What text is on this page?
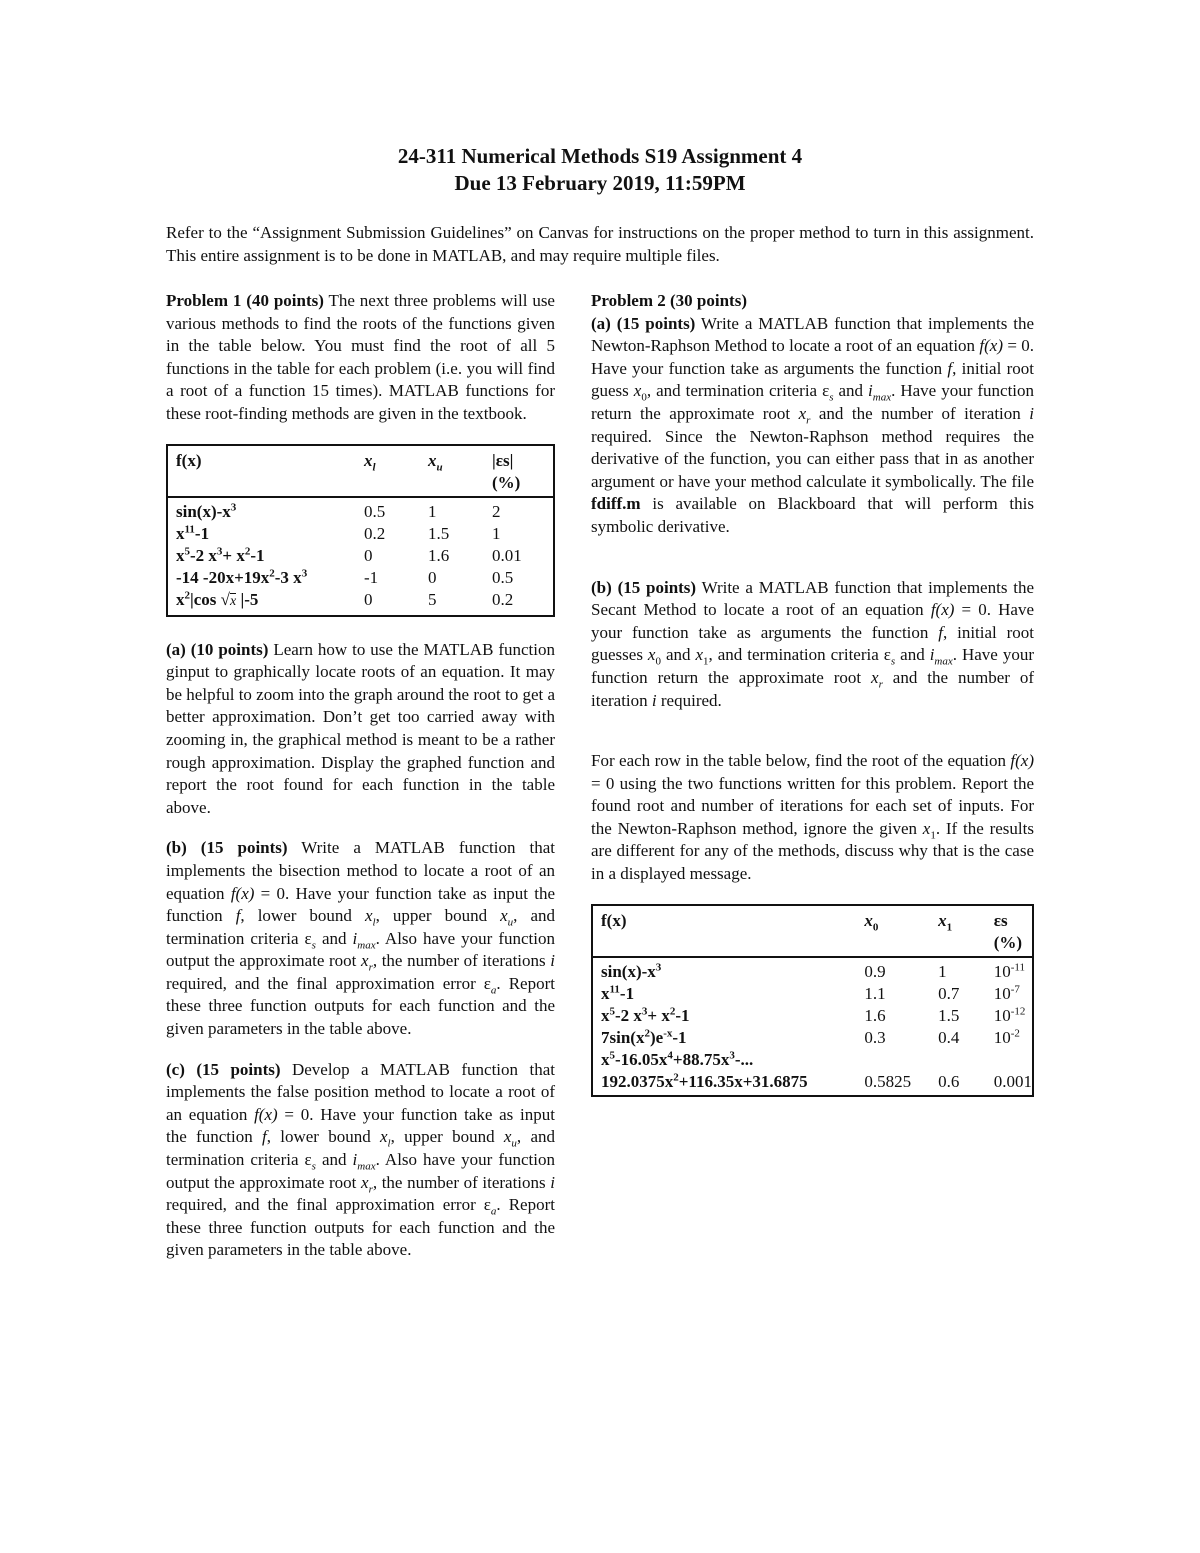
24-311 Numerical Methods S19 Assignment 4
Due 13 February 2019, 11:59PM
Refer to the “Assignment Submission Guidelines” on Canvas for instructions on the proper method to turn in this assignment. This entire assignment is to be done in MATLAB, and may require multiple files.

Problem 1 (40 points) The next three problems will use various methods to find the roots of the functions given in the table below. You must find the root of all 5 functions in the table for each problem (i.e. you will find a root of a function 15 times). MATLAB functions for these root-finding methods are given in the textbook.

f(x)	$x_l$	$x_u$	|εs|
(%)
$\sin(x)-x^3$	0.5	1	2
$x^{11}-1$	0.2	1.5	1
$x^5-2$ $x^3+ x^2-1$	0	1.6	0.01
-14 $-20x+19x^2-3$ $x^3$	-1	0	0.5
$x^2|\cos$ √x |-5	0	5	0.2

(a) (10 points) Learn how to use the MATLAB function ginput to graphically locate roots of an equation. It may be helpful to zoom into the graph around the root to get a better approximation. Don’t get too carried away with zooming in, the graphical method is meant to be a rather rough approximation. Display the graphed function and report the root found for each function in the table above.

(b) (15 points) Write a MATLAB function that implements the bisection method to locate a root of an equation f(x) = 0. Have your function take as input the function f, lower bound $x_l$, upper bound $x_u$, and termination criteria $\varepsilon_s$ and $i_{max}$. Also have your function output the approximate root $x_r$, the number of iterations i required, and the final approximation error $\varepsilon_a$. Report these three function outputs for each function and the given parameters in the table above.

(c) (15 points) Develop a MATLAB function that implements the false position method to locate a root of an equation f(x) = 0. Have your function take as input the function f, lower bound $x_l$, upper bound $x_u$, and termination criteria $\varepsilon_s$ and $i_{max}$. Also have your function output the approximate root $x_r$, the number of iterations i required, and the final approximation error $\varepsilon_a$. Report these three function outputs for each function and the given parameters in the table above.

Problem 2 (30 points)

(a) (15 points) Write a MATLAB function that implements the Newton-Raphson Method to locate a root of an equation f(x) = 0. Have your function take as arguments the function f, initial root guess $x_0$, and termination criteria $\varepsilon_s$ and $i_{max}$. Have your function return the approximate root $x_r$ and the number of iteration i required. Since the Newton-Raphson method requires the derivative of the function, you can either pass that in as another argument or have your method calculate it symbolically. The file fdiff.m is available on Blackboard that will perform this symbolic derivative.

(b) (15 points) Write a MATLAB function that implements the Secant Method to locate a root of an equation f(x) = 0. Have your function take as arguments the function f, initial root guesses $x_0$ and $x_1$, and termination criteria $\varepsilon_s$ and $i_{max}$. Have your function return the approximate root $x_r$ and the number of iteration i required.

For each row in the table below, find the root of the equation f(x) = 0 using the two functions written for this problem. Report the found root and number of iterations for each set of inputs. For the Newton-Raphson method, ignore the given $x_1$. If the results are different for any of the methods, discuss why that is the case in a displayed message.

f(x)	$x_0$	$x_1$	εs
(%)
$\sin(x)-x^3$	0.9	1	$10^{-11}$
$x^{11}-1$	1.1	0.7	$10^{-7}$
$x^5-2$ $x^3+ x^2-1$	1.6	1.5	$10^{-12}$
$7\sin(x^2)e^{-x}-1$	0.3	0.4	$10^{-2}$
$x^5-16.05x^4+88.75x^3-$...
$192.0375x^2+116.35x+31.6875$	0.5825	0.6	0.001
